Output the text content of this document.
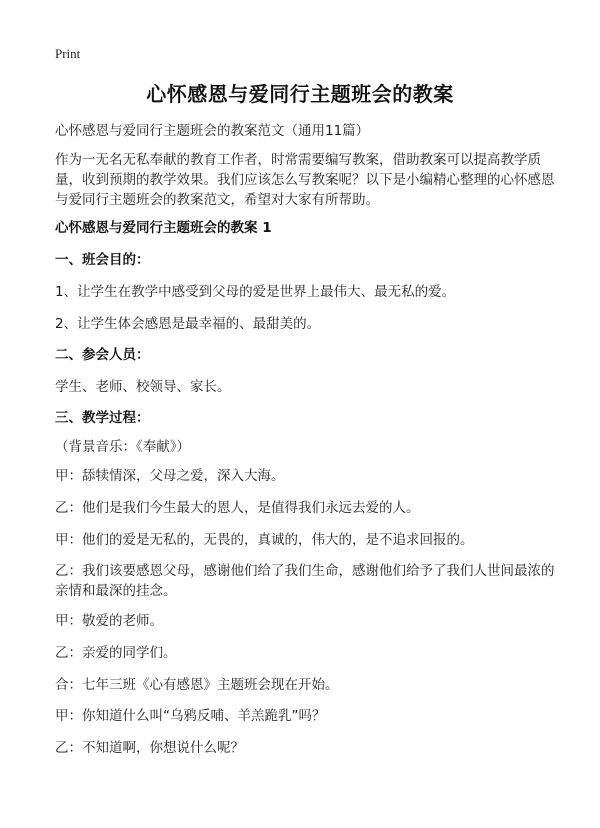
Print
心怀感恩与爱同行主题班会的教案
心怀感恩与爱同行主题班会的教案范文（通用11篇）
作为一无名无私奉献的教育工作者，时常需要编写教案，借助教案可以提高教学质量，收到预期的教学效果。我们应该怎么写教案呢？以下是小编精心整理的心怀感恩与爱同行主题班会的教案范文，希望对大家有所帮助。
心怀感恩与爱同行主题班会的教案 1
一、班会目的：
1、让学生在教学中感受到父母的爱是世界上最伟大、最无私的爱。
2、让学生体会感恩是最幸福的、最甜美的。
二、参会人员：
学生、老师、校领导、家长。
三、教学过程：
（背景音乐：《奉献》）
甲：舔犊情深，父母之爱，深入大海。
乙：他们是我们今生最大的恩人，是值得我们永远去爱的人。
甲：他们的爱是无私的，无畏的，真诚的，伟大的，是不追求回报的。
乙：我们该要感恩父母，感谢他们给了我们生命，感谢他们给予了我们人世间最浓的亲情和最深的挂念。
甲：敬爱的老师。
乙：亲爱的同学们。
合：七年三班《心有感恩》主题班会现在开始。
甲：你知道什么叫“乌鸦反哺、羊羔跪乳”吗？
乙：不知道啊，你想说什么呢？
